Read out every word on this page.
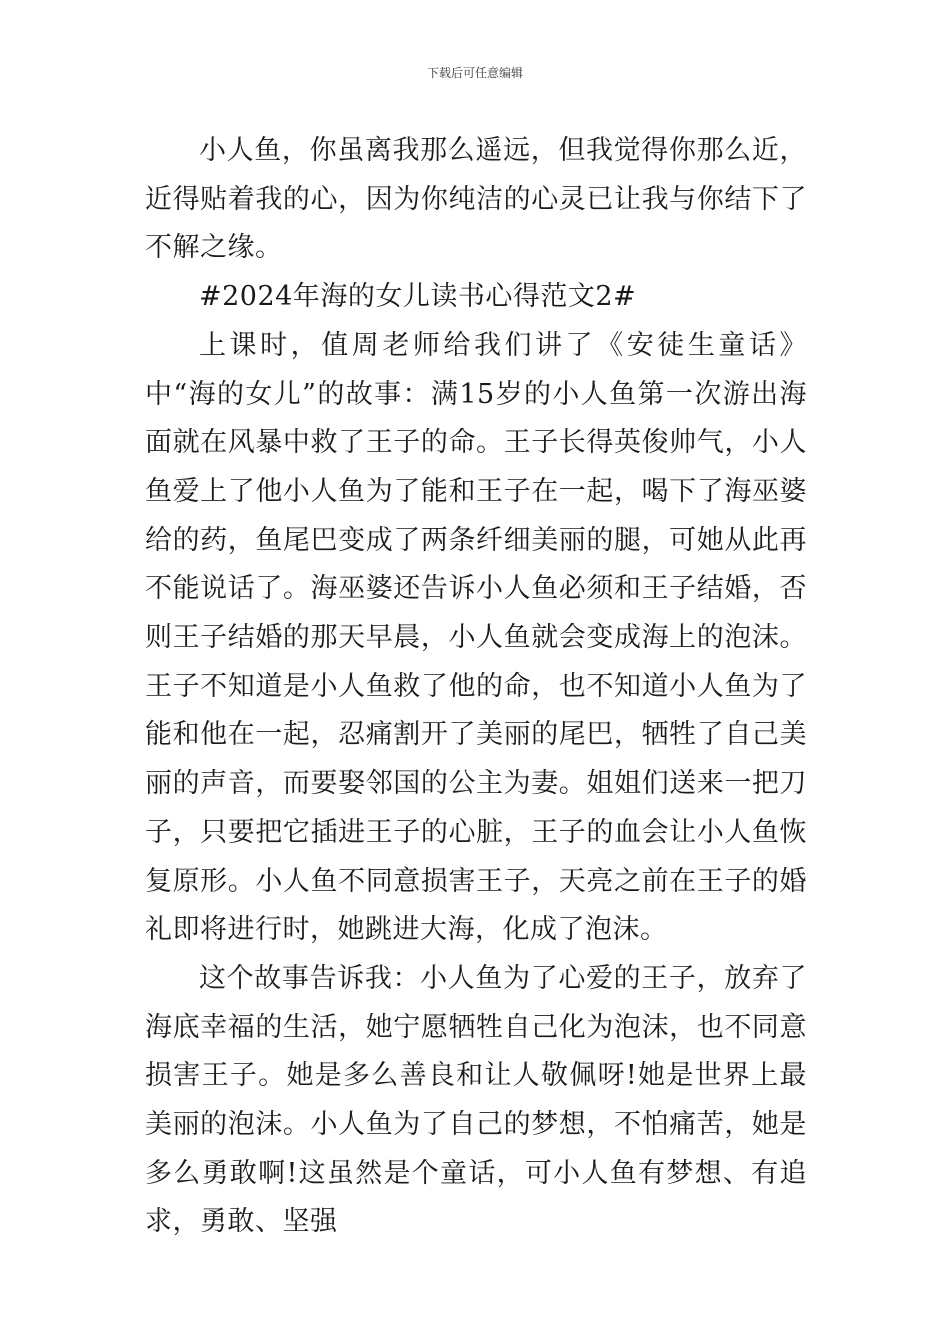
下载后可任意编辑

小人鱼，你虽离我那么遥远，但我觉得你那么近，近得贴着我的心，因为你纯洁的心灵已让我与你结下了不解之缘。

#2024年海的女儿读书心得范文2#

上课时，值周老师给我们讲了《安徒生童话》中“海的女儿”的故事：满15岁的小人鱼第一次游出海面就在风暴中救了王子的命。王子长得英俊帅气，小人鱼爱上了他小人鱼为了能和王子在一起，喝下了海巫婆给的药，鱼尾巴变成了两条纤细美丽的腿，可她从此再不能说话了。海巫婆还告诉小人鱼必须和王子结婚，否则王子结婚的那天早晨，小人鱼就会变成海上的泡沫。王子不知道是小人鱼救了他的命，也不知道小人鱼为了能和他在一起，忍痛割开了美丽的尾巴，牺牲了自己美丽的声音，而要娶邻国的公主为妻。姐姐们送来一把刀子，只要把它插进王子的心脏，王子的血会让小人鱼恢复原形。小人鱼不同意损害王子，天亮之前在王子的婚礼即将进行时，她跳进大海，化成了泡沫。

这个故事告诉我：小人鱼为了心爱的王子，放弃了海底幸福的生活，她宁愿牺牲自己化为泡沫，也不同意损害王子。她是多么善良和让人敬佩呀!她是世界上最美丽的泡沫。小人鱼为了自己的梦想，不怕痛苦，她是多么勇敢啊!这虽然是个童话，可小人鱼有梦想、有追求，勇敢、坚强
